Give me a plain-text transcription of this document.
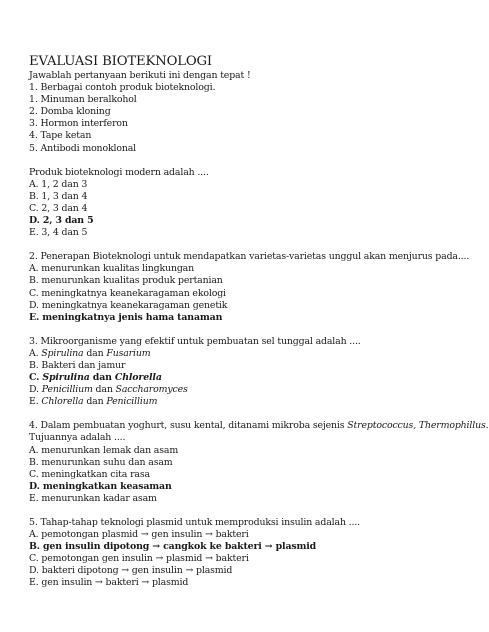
EVALUASI BIOTEKNOLOGI
Jawablah pertanyaan berikuti ini dengan tepat !
1. Berbagai contoh produk bioteknologi.
1. Minuman beralkohol
2. Domba kloning
3. Hormon interferon
4. Tape ketan
5. Antibodi monoklonal
Produk bioteknologi modern adalah ....
A. 1, 2 dan 3
B. 1, 3 dan 4
C. 2, 3 dan 4
D. 2, 3 dan 5
E. 3, 4 dan 5
2. Penerapan Bioteknologi untuk mendapatkan varietas-varietas unggul akan menjurus pada....
A. menurunkan kualitas lingkungan
B. menurunkan kualitas produk pertanian
C. meningkatnya keanekaragaman ekologi
D. meningkatnya keanekaragaman genetik
E. meningkatnya jenis hama tanaman
3. Mikroorganisme yang efektif untuk pembuatan sel tunggal adalah ....
A. Spirulina dan Fusarium
B. Bakteri dan jamur
C. Spirulina dan Chlorella
D. Penicillium dan Saccharomyces
E. Chlorella dan Penicillium
4. Dalam pembuatan yoghurt, susu kental, ditanami mikroba sejenis Streptococcus, Thermophillus.
Tujuannya adalah ....
A. menurunkan lemak dan asam
B. menurunkan suhu dan asam
C. meningkatkan cita rasa
D. meningkatkan keasaman
E. menurunkan kadar asam
5. Tahap-tahap teknologi plasmid untuk memproduksi insulin adalah ....
A. pemotongan plasmid → gen insulin → bakteri
B. gen insulin dipotong → cangkok ke bakteri → plasmid
C. pemotongan gen insulin → plasmid → bakteri
D. bakteri dipotong → gen insulin → plasmid
E. gen insulin → bakteri → plasmid
